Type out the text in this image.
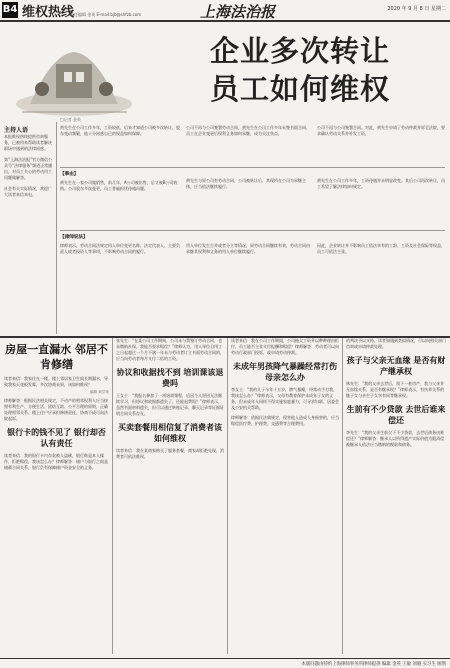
B4 维权热线
责任编辑 金英 E-mail:bjb@shfzb.com	上海法治报	2020 年 9 月 8 日 星期二
企业多次转让
员工如何维权
主持人语

本报维权热线提供咨询服务，已被用来帮助读者解决职场中遇到的法律困惑。

第“上海法治报”官方微信公众号“法律服务”频道正常播出，对员工关心的劳动用工问题做解答。

社会有关实际情况，欢迎广大读者来信来电。

□记者 金英
黄先生在公司工作多年，工资较低，后来才知道公司被多次转让、股东变动频繁，他十分困惑自己的权益如何保障。
公司不再与公司签署劳动合同，黄先生在公司工作多年未签书面合同，员工在企业变更后权利义务如何承继，成为关注焦点。
公司不再与公司签署合同。对此，黄先生申请了劳动仲裁并诉至法院，要求确认劳动关系并补发工资。
【事由】
黄先生在一家公司做销售，前几年，A公司被出售，后又被B公司收购。公司股东多次变更，员工普遍担忧待遇问题。
黄先生与原公司有劳动合同，公司被转让后，其现所在公司为承继主体，应当依法继续履行。
黄先生在公司工作多年，工资待遇并未明显改变。其后公司再次转让，员工希望了解法律如何规定。
【律师说法】
律师表示，劳动合同法规定用人单位变更名称、法定代表人、主要负责人或者投资人等事项，不影响劳动合同的履行。
用人单位发生合并或者分立等情况，原劳动合同继续有效，劳动合同由承继其权利和义务的用人单位继续履行。
因此，企业转让并不影响员工依法享有的工龄、工资及社会保险等权益，员工可依法主张。
房屋一直漏水 邻居不肯修缮
读者来信：我家住在一楼，楼上邻居家卫生间长期漏水，导致我家天花板发霉，多次协商未果，该如何维权？
编辑 黄学荣
律师解答：根据民法相关规定，不动产的相邻权利人应当按照有利生产、方便生活、团结互助、公平合理的原则，正确处理相邻关系。楼上住户应承担修缮责任，协商不成可向法院起诉。
银行卡的钱不见了 银行却否认有责任
读者来信：我的银行卡内存款被人盗刷，银行称是本人操作，拒绝赔偿，我该怎么办？律师解答：储户与银行之间是储蓄合同关系，银行负有保障储户资金安全的义务。
张先生：“在某公司工作期间，公司未与我签订劳动合同，也未缴纳社保，我能否要求赔偿？”律师认为，用人单位自用工之日起超过一个月不满一年未与劳动者订立书面劳动合同的，应当向劳动者每月支付二倍的工资。
协议和收据找不到 培训课该退费吗
王女士：“我报名参加了一项培训课程，后因个人原因无法继续学习，但协议和收据都遗失了，还能退费吗？”律师表示，虽然书面材料遗失，但可以通过转账记录、聊天记录等证据证明合同关系存在。
买卖套餐用相信复了消费者该如何维权
读者来信：我在某商家购买了服务套餐，商家却拒绝兑现，消费者可依法维权。
读者来信：我在公司工作期间，公司拖欠工资并以种种理由拒付，员工能否主张支付报酬和赔偿？律师解答：劳动者可以向劳动行政部门投诉，或申请劳动仲裁。
未成年男孩降气暴躁经常打伤母亲怎么办
李女士：“我的儿子今年十五岁，脾气暴躁，经常动手打我，我该怎么办？”律师表示，父母有教育保护未成年子女的义务，但未成年人同样不得实施家庭暴力，可寻求妇联、居委会及公安机关帮助。
律师解答：依据民法典规定，侵害他人造成人身损害的，应当赔偿医疗费、护理费、交通费等合理费用。
的判决予以支持。读者如遇到类似情况，可以向相关部门咨询或申请仲裁处理。
孩子与父亲无血缘 是否有财产继承权
林先生：“我的父亲去世后，留下一套房产，我与父亲并无血缘关系，是否有继承权？”律师表示，有扶养关系的继子女与亲生子女享有同等继承权。
生前有不少贷款 去世后谁来偿还
李先生：“我的父亲生前欠下不少贷款，去世后债务由谁偿还？”律师解答：继承人以所得遗产实际价值为限清偿被继承人依法应当缴纳的税款和债务。
本版问题由特约上海律师事务所律师提供 编辑 金英 王敏 刘晓 实习生 顾然
